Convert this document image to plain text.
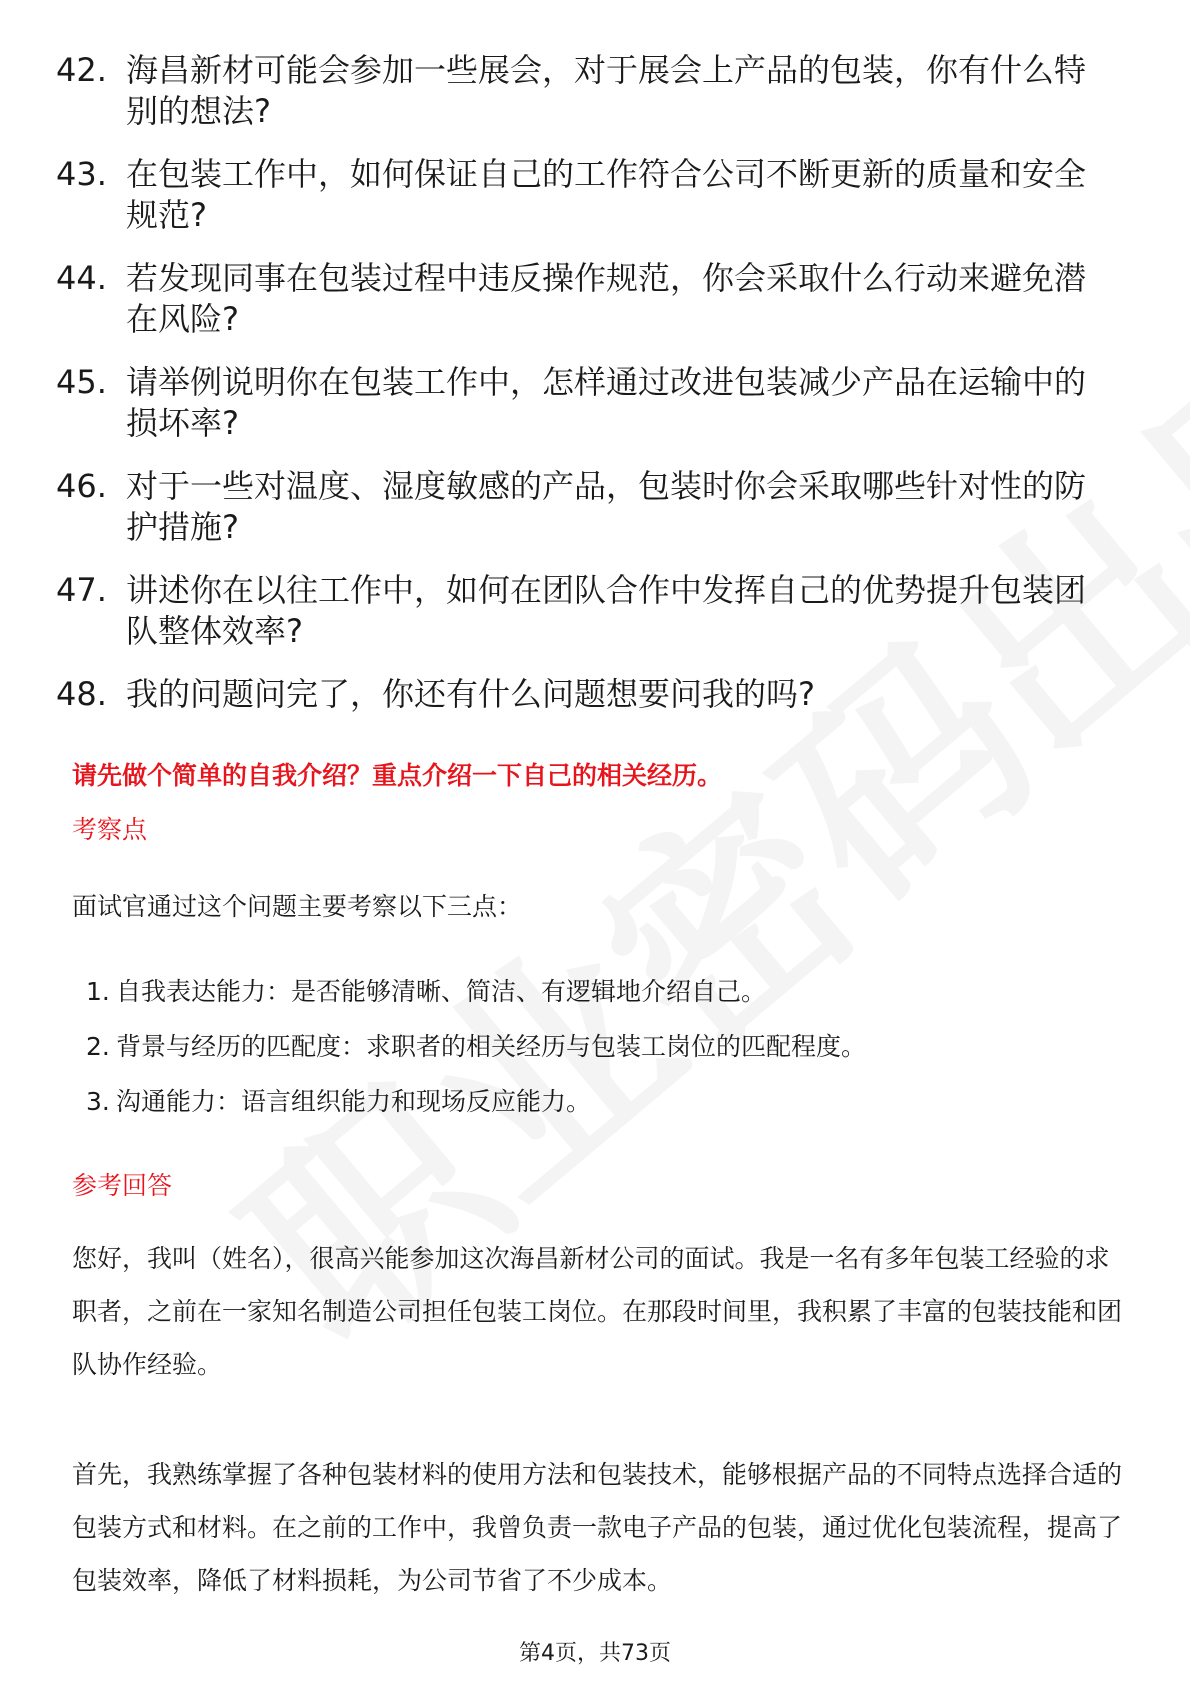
42. 海昌新材可能会参加一些展会，对于展会上产品的包装，你有什么特别的想法?
43. 在包装工作中，如何保证自己的工作符合公司不断更新的质量和安全规范?
44. 若发现同事在包装过程中违反操作规范，你会采取什么行动来避免潜在风险?
45. 请举例说明你在包装工作中，怎样通过改进包装减少产品在运输中的损坏率?
46. 对于一些对温度、湿度敏感的产品，包装时你会采取哪些针对性的防护措施?
47. 讲述你在以往工作中，如何在团队合作中发挥自己的优势提升包装团队整体效率?
48. 我的问题问完了，你还有什么问题想要问我的吗?
请先做个简单的自我介绍？重点介绍一下自己的相关经历。
考察点

面试官通过这个问题主要考察以下三点：

1. 自我表达能力：是否能够清晰、简洁、有逻辑地介绍自己。
2. 背景与经历的匹配度：求职者的相关经历与包装工岗位的匹配程度。
3. 沟通能力：语言组织能力和现场反应能力。
参考回答

您好，我叫（姓名），很高兴能参加这次海昌新材公司的面试。我是一名有多年包装工经验的求职者，之前在一家知名制造公司担任包装工岗位。在那段时间里，我积累了丰富的包装技能和团队协作经验。

首先，我熟练掌握了各种包装材料的使用方法和包装技术，能够根据产品的不同特点选择合适的包装方式和材料。在之前的工作中，我曾负责一款电子产品的包装，通过优化包装流程，提高了包装效率，降低了材料损耗，为公司节省了不少成本。

第4页，共73页
